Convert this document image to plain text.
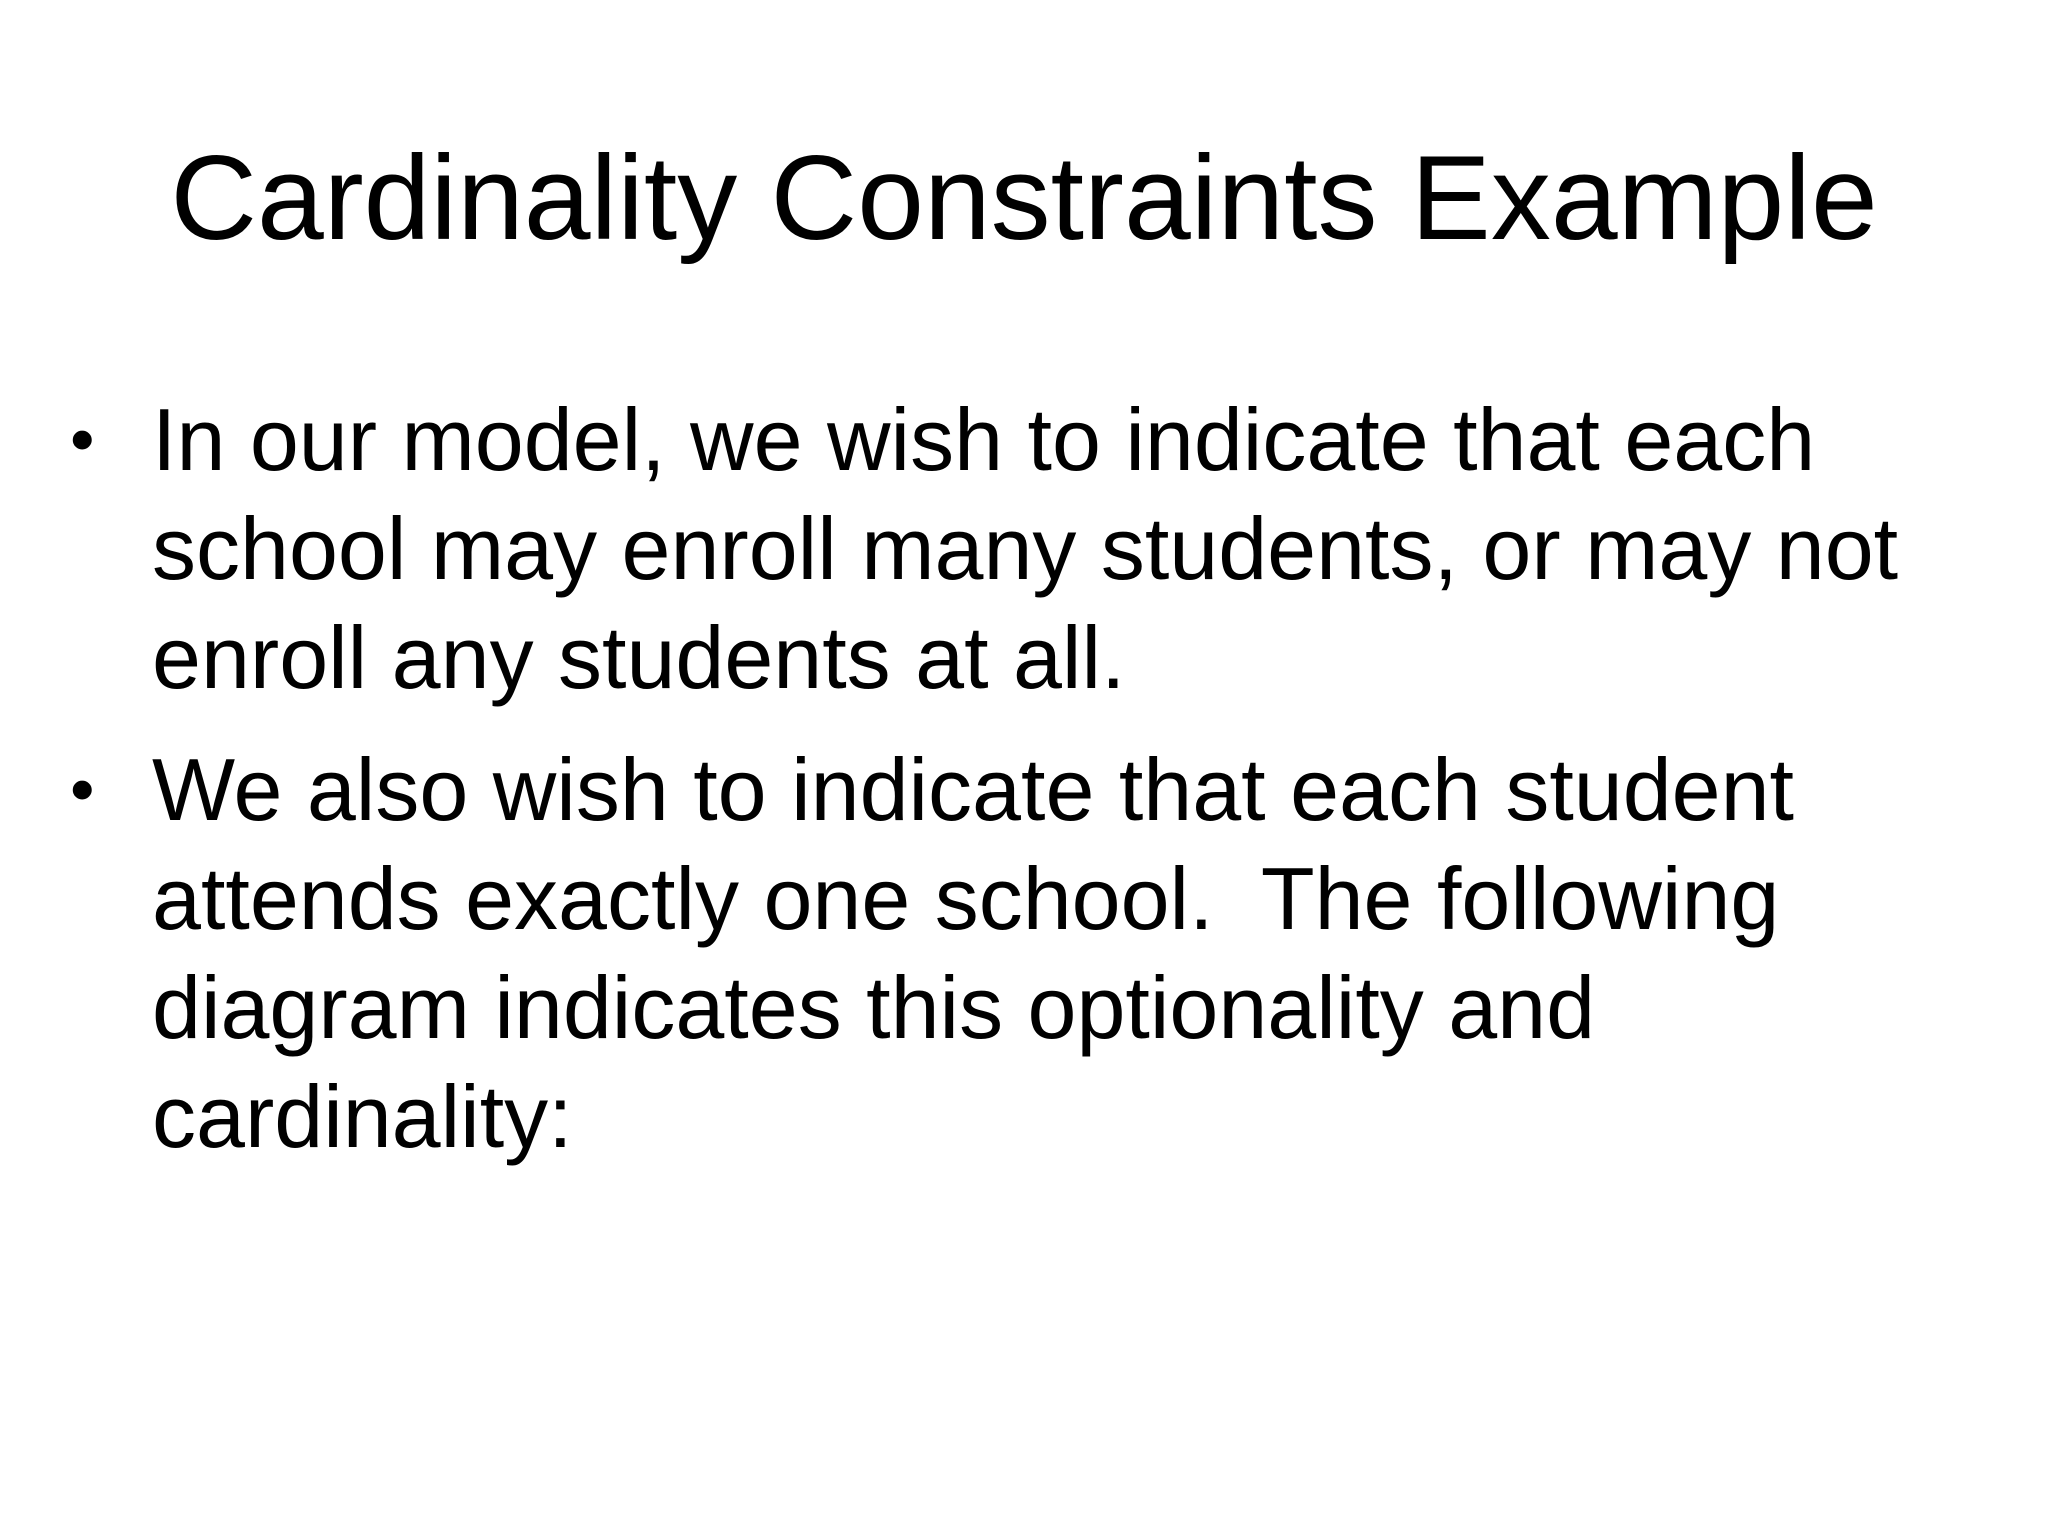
Cardinality Constraints Example
• In our model, we wish to indicate that each
school may enroll many students, or may not
enroll any students at all.
• We also wish to indicate that each student
attends exactly one school.  The following
diagram indicates this optionality and
cardinality:
